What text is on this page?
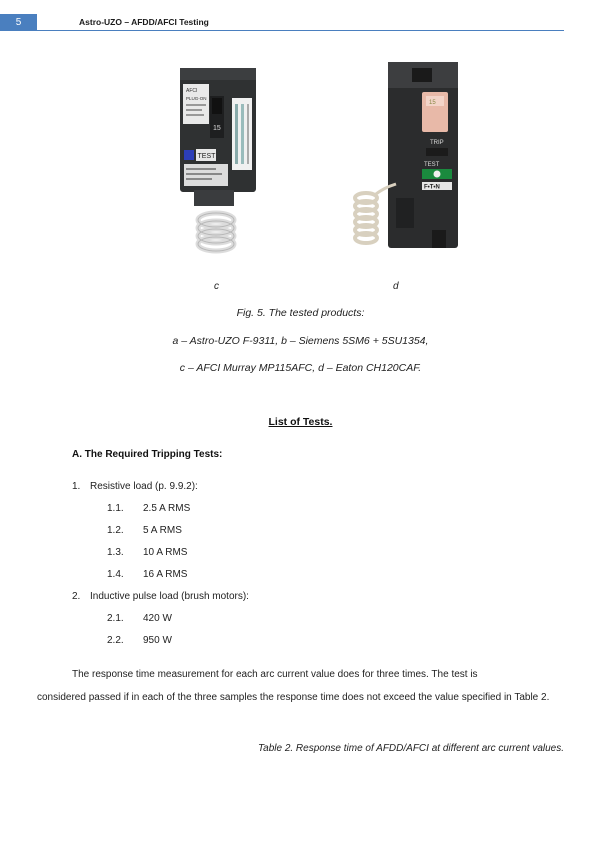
5	Astro-UZO – AFDD/AFCI Testing
AFCI
PLUG-ON
15
TEST
15
TRIP
TEST
F•T•N
c	d
Fig. 5. The tested products:
a – Astro-UZO F-9311, b – Siemens 5SM6 + 5SU1354,
c – AFCI Murray MP115AFC, d – Eaton CH120CAF.
List of Tests.
A. The Required Tripping Tests:
1. Resistive load (p. 9.9.2):
1.1. 2.5 A RMS
1.2. 5 A RMS
1.3. 10 A RMS
1.4. 16 A RMS
2. Inductive pulse load (brush motors):
2.1. 420 W
2.2. 950 W
The response time measurement for each arc current value does for three times. The test is
considered passed if in each of the three samples the response time does not exceed the value specified in Table 2.
Table 2. Response time of AFDD/AFCI at different arc current values.
